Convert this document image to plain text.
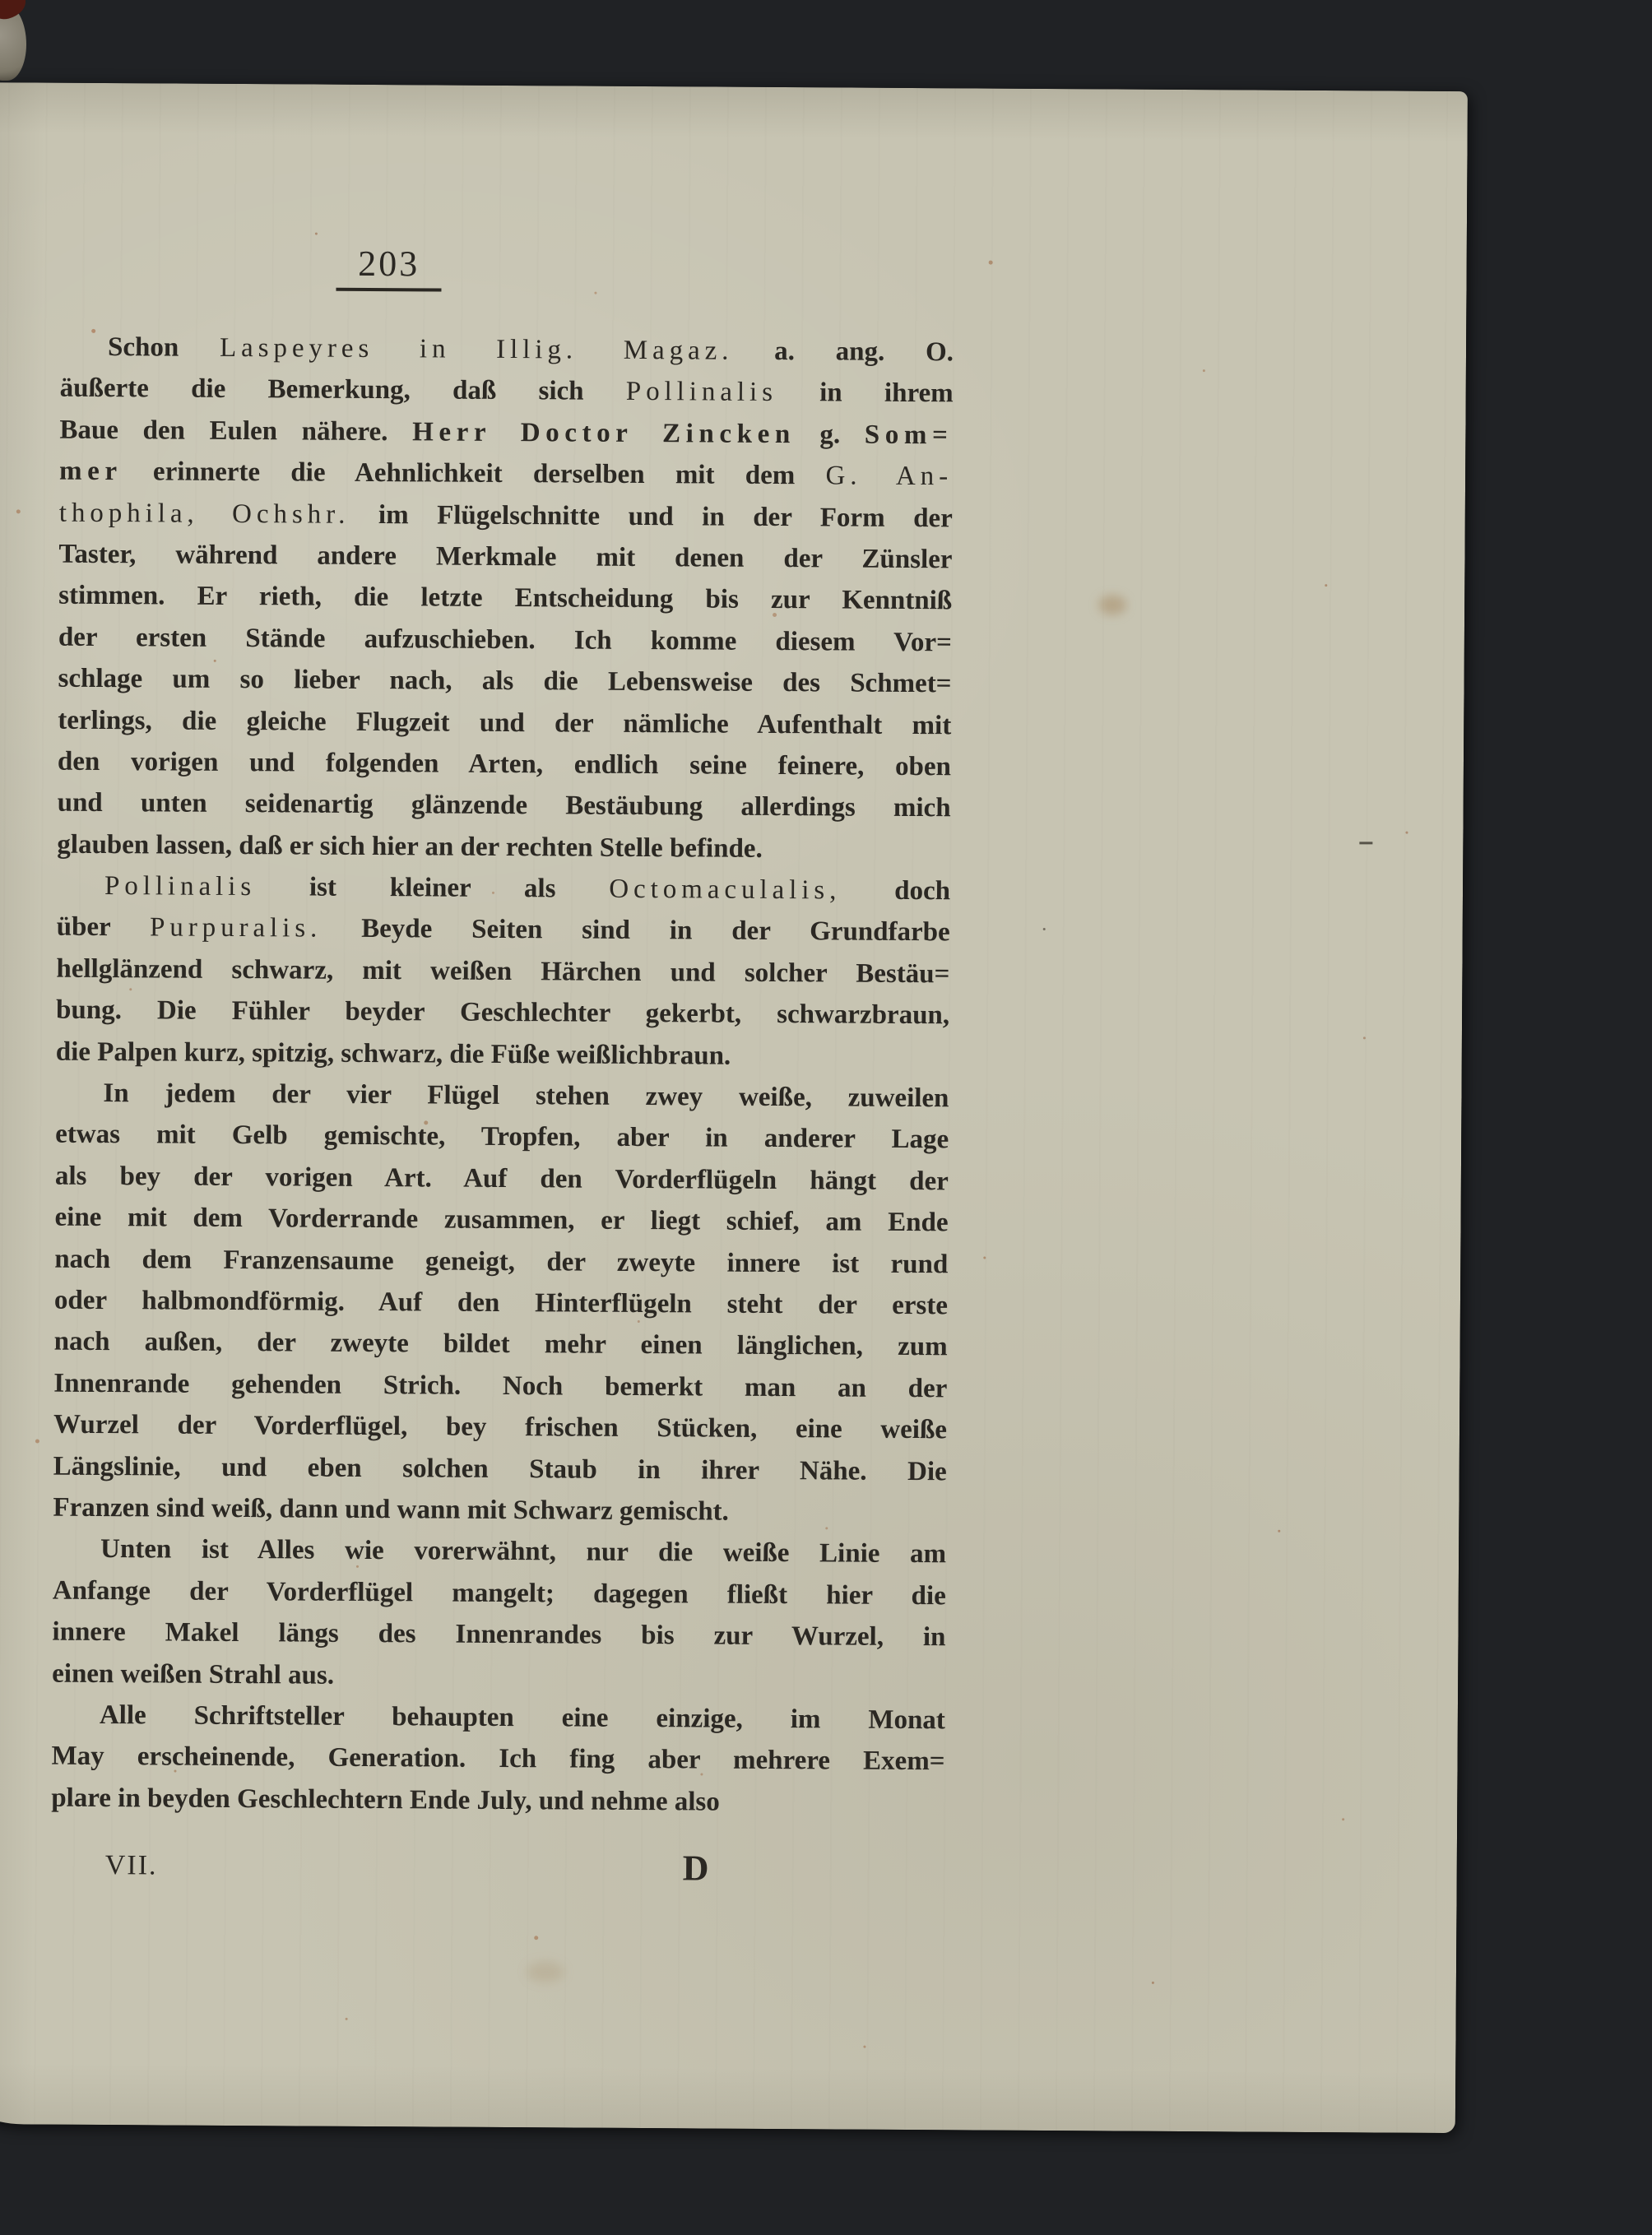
203
Schon Laspeyres in Illig. Magaz. a. ang. O.
äußerte die Bemerkung, daß sich Pollinalis in ihrem
Baue den Eulen nähere. Herr Doctor Zincken g. Som=
mer erinnerte die Aehnlichkeit derselben mit dem G. An-
thophila, Ochshr. im Flügelschnitte und in der Form der
Taster, während andere Merkmale mit denen der Zünsler
stimmen. Er rieth, die letzte Entscheidung bis zur Kenntniß
der ersten Stände aufzuschieben. Ich komme diesem Vor=
schlage um so lieber nach, als die Lebensweise des Schmet=
terlings, die gleiche Flugzeit und der nämliche Aufenthalt mit
den vorigen und folgenden Arten, endlich seine feinere, oben
und unten seidenartig glänzende Bestäubung allerdings mich
glauben lassen, daß er sich hier an der rechten Stelle befinde.
Pollinalis ist kleiner als Octomaculalis, doch
über Purpuralis. Beyde Seiten sind in der Grundfarbe
hellglänzend schwarz, mit weißen Härchen und solcher Bestäu=
bung. Die Fühler beyder Geschlechter gekerbt, schwarzbraun,
die Palpen kurz, spitzig, schwarz, die Füße weißlichbraun.
In jedem der vier Flügel stehen zwey weiße, zuweilen
etwas mit Gelb gemischte, Tropfen, aber in anderer Lage
als bey der vorigen Art. Auf den Vorderflügeln hängt der
eine mit dem Vorderrande zusammen, er liegt schief, am Ende
nach dem Franzensaume geneigt, der zweyte innere ist rund
oder halbmondförmig. Auf den Hinterflügeln steht der erste
nach außen, der zweyte bildet mehr einen länglichen, zum
Innenrande gehenden Strich. Noch bemerkt man an der
Wurzel der Vorderflügel, bey frischen Stücken, eine weiße
Längslinie, und eben solchen Staub in ihrer Nähe. Die
Franzen sind weiß, dann und wann mit Schwarz gemischt.
Unten ist Alles wie vorerwähnt, nur die weiße Linie am
Anfange der Vorderflügel mangelt; dagegen fließt hier die
innere Makel längs des Innenrandes bis zur Wurzel, in
einen weißen Strahl aus.
Alle Schriftsteller behaupten eine einzige, im Monat
May erscheinende, Generation. Ich fing aber mehrere Exem=
plare in beyden Geschlechtern Ende July, und nehme also
VII.	D
